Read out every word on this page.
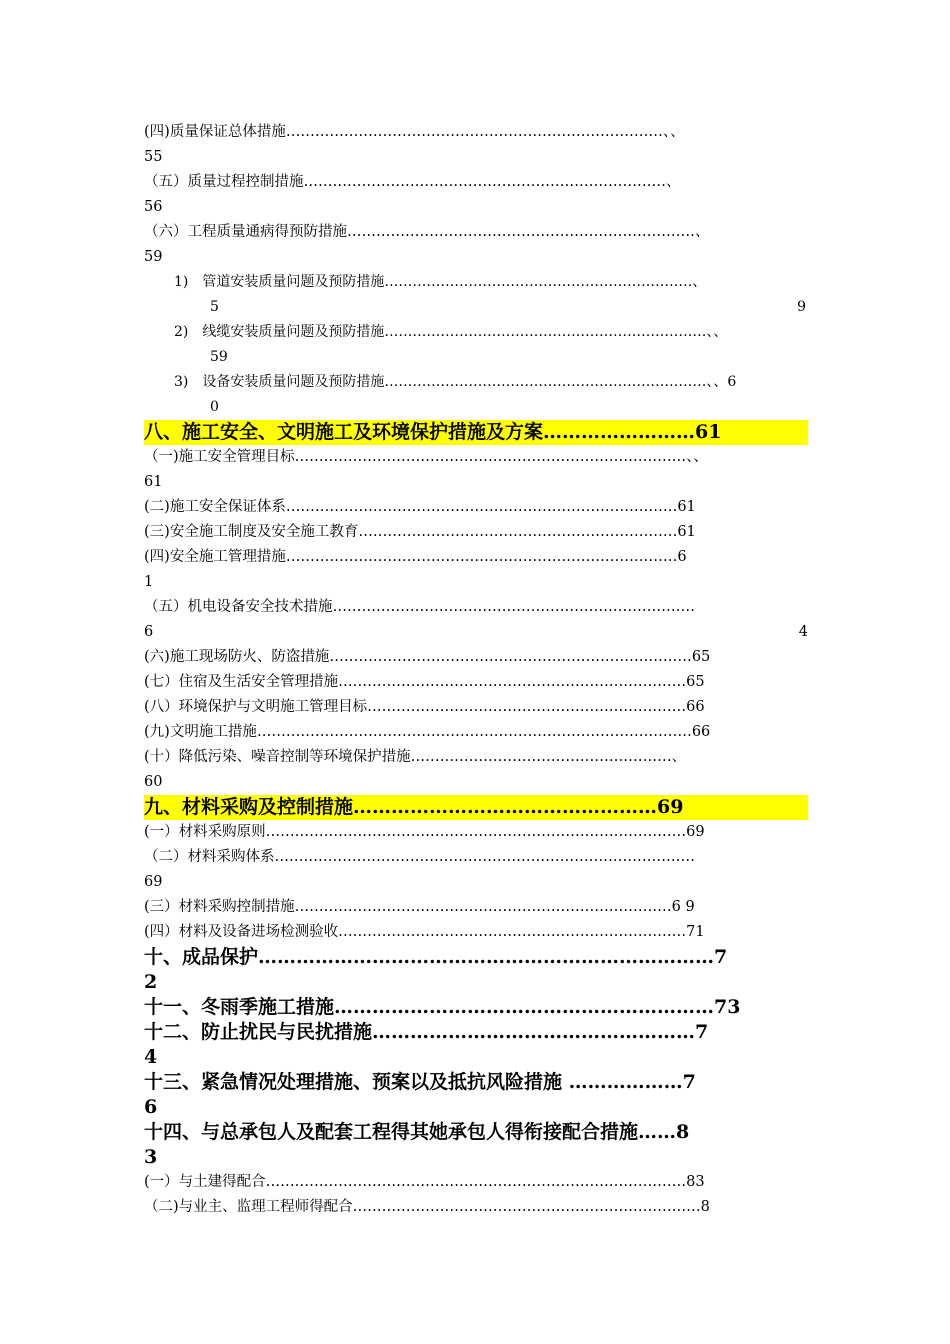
(四)质量保证总体措施……………………………………………………………………、、
55
（五）质量过程控制措施…………………………………………………………………、
56
（六）工程质量通病得预防措施………………………………………………………………、
59
1)　管道安装质量问题及预防措施…………………………………………………………、
5	9
2)　线缆安装质量问题及预防措施……………………………………………………………、、
59
3)　设备安装质量问题及预防措施……………………………………………………………、、6
0
八、施工安全、文明施工及环境保护措施及方案……………………61
（一)施工安全管理目标………………………………………………………………………、、
61
(二)施工安全保证体系………………………………………………………………………61
(三)安全施工制度及安全施工教育…………………………………………………………61
(四)安全施工管理措施………………………………………………………………………6
1
（五）机电设备安全技术措施…………………………………………………………………
6	4
(六)施工现场防火、防盗措施…………………………………………………………………65
(七）住宿及生活安全管理措施………………………………………………………………65
(八）环境保护与文明施工管理目标…………………………………………………………66
(九)文明施工措施………………………………………………………………………………66
(十）降低污染、噪音控制等环境保护措施………………………………………………、
60
九、材料采购及控制措施…………………………………………69
(一）材料采购原则……………………………………………………………………………69
（二）材料采购体系……………………………………………………………………………
69
(三）材料采购控制措施……………………………………………………………………6 9
(四）材料及设备进场检测验收………………………………………………………………71
十、成品保护………………………………………………………………7
2
十一、冬雨季施工措施……………………………………………………73
十二、防止扰民与民扰措施……………………………………………7
4
十三、紧急情况处理措施、预案以及抵抗风险措施 ………………7
6
十四、与总承包人及配套工程得其她承包人得衔接配合措施……8
3
(一）与土建得配合……………………………………………………………………………83
（二)与业主、监理工程师得配合………………………………………………………………8
